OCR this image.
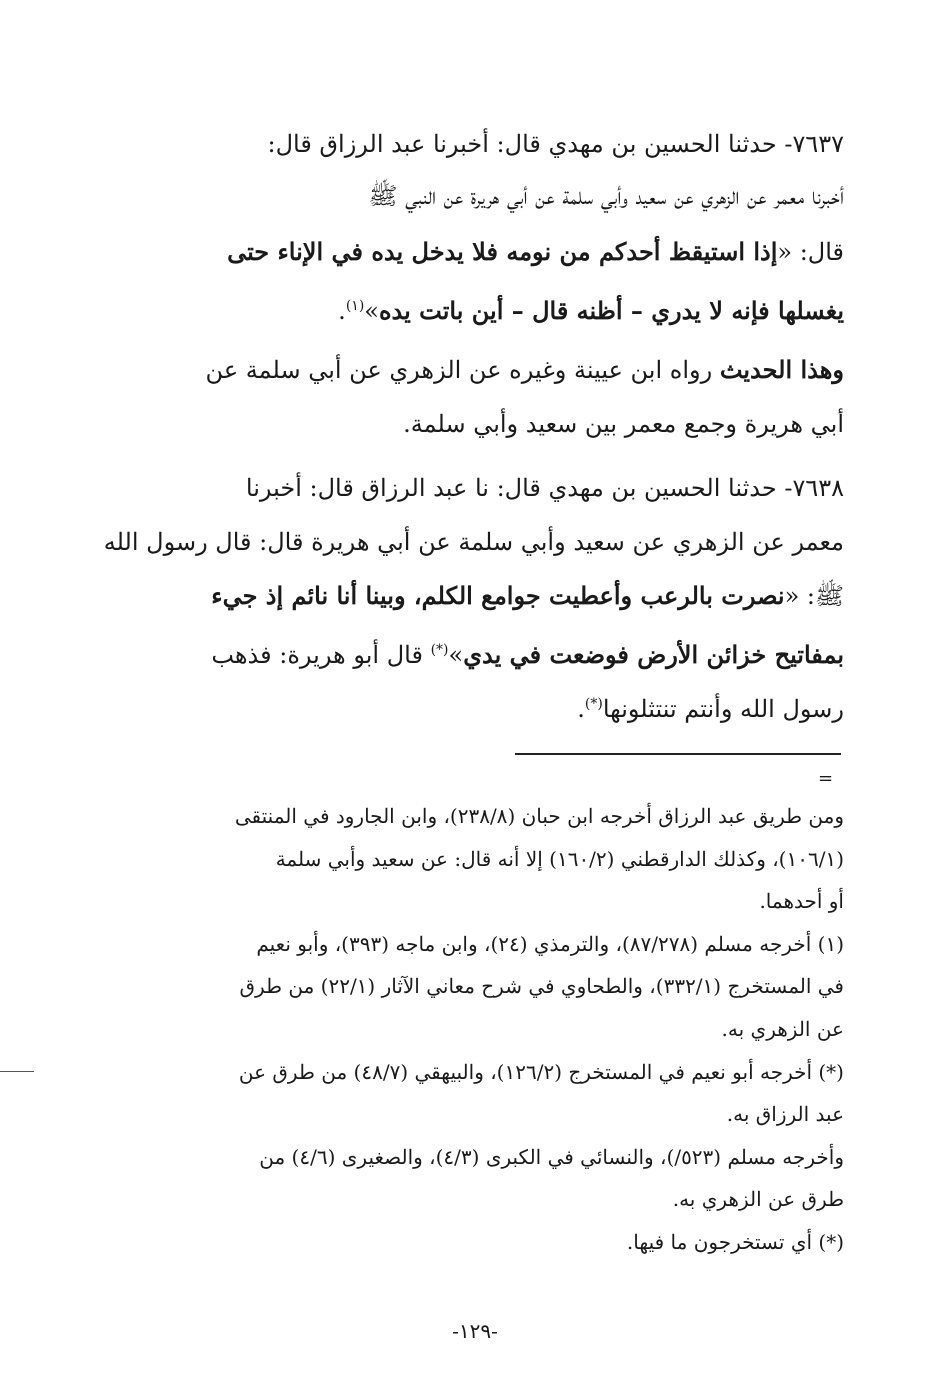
٧٦٣٧- حدثنا الحسين بن مهدي قال: أخبرنا عبد الرزاق قال:
أخبرنا معمر عن الزهري عن سعيد وأبي سلمة عن أبي هريرة عن النبي ﷺ
قال: «إذا استيقظ أحدكم من نومه فلا يدخل يده في الإناء حتى
يغسلها فإنه لا يدري – أظنه قال – أين باتت يده»$^{(١)}$.
وهذا الحديث رواه ابن عيينة وغيره عن الزهري عن أبي سلمة عن
أبي هريرة وجمع معمر بين سعيد وأبي سلمة.
٧٦٣٨- حدثنا الحسين بن مهدي قال: نا عبد الرزاق قال: أخبرنا
معمر عن الزهري عن سعيد وأبي سلمة عن أبي هريرة قال: قال رسول الله
ﷺ: «نصرت بالرعب وأعطيت جوامع الكلم، وبينا أنا نائم إذ جيء
بمفاتيح خزائن الأرض فوضعت في يدي»(*) قال أبو هريرة: فذهب
رسول الله وأنتم تنتثلونها(*).
=
ومن طريق عبد الرزاق أخرجه ابن حبان (٢٣٨/٨)، وابن الجارود في المنتقى
(١٠٦/١)، وكذلك الدارقطني (١٦٠/٢) إلا أنه قال: عن سعيد وأبي سلمة
أو أحدهما.
(١) أخرجه مسلم (٨٧/٢٧٨)، والترمذي (٢٤)، وابن ماجه (٣٩٣)، وأبو نعيم
في المستخرج (٣٣٢/١)، والطحاوي في شرح معاني الآثار (٢٢/١) من طرق
عن الزهري به.
(*) أخرجه أبو نعيم في المستخرج (١٢٦/٢)، والبيهقي (٤٨/٧) من طرق عن
عبد الرزاق به.
وأخرجه مسلم (٥٢٣/)، والنسائي في الكبرى (٤/٣)، والصغيرى (٤/٦) من
طرق عن الزهري به.
(*) أي تستخرجون ما فيها.
-١٢٩-
